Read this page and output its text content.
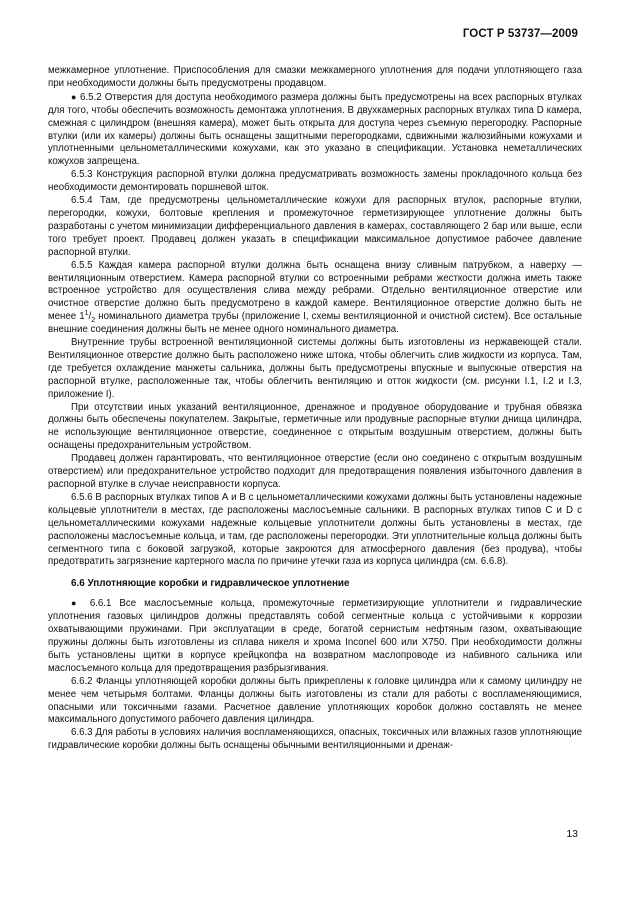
ГОСТ Р 53737—2009

межкамерное уплотнение. Приспособления для смазки межкамерного уплотнения для подачи уплотняющего газа при необходимости должны быть предусмотрены продавцом.

● 6.5.2 Отверстия для доступа необходимого размера должны быть предусмотрены на всех распорных втулках для того, чтобы обеспечить возможность демонтажа уплотнения. В двухкамерных распорных втулках типа D камера, смежная с цилиндром (внешняя камера), может быть открыта для доступа через съемную перегородку. Распорные втулки (или их камеры) должны быть оснащены защитными перегородками, сдвижными жалюзийными кожухами и уплотненными цельнометаллическими кожухами, как это указано в спецификации. Установка неметаллических кожухов запрещена.

6.5.3 Конструкция распорной втулки должна предусматривать возможность замены прокладочного кольца без необходимости демонтировать поршневой шток.

6.5.4 Там, где предусмотрены цельнометаллические кожухи для распорных втулок, распорные втулки, перегородки, кожухи, болтовые крепления и промежуточное герметизирующее уплотнение должны быть разработаны с учетом минимизации дифференциального давления в камерах, составляющего 2 бар или выше, если того требует проект. Продавец должен указать в спецификации максимальное допустимое рабочее давление распорной втулки.

6.5.5 Каждая камера распорной втулки должна быть оснащена внизу сливным патрубком, а наверху — вентиляционным отверстием. Камера распорной втулки со встроенными ребрами жесткости должна иметь также встроенное устройство для осуществления слива между ребрами. Отдельно вентиляционное отверстие или очистное отверстие должно быть предусмотрено в каждой камере. Вентиляционное отверстие должно быть не менее $1^1/_2$ номинального диаметра трубы (приложение I, схемы вентиляционной и очистной систем). Все остальные внешние соединения должны быть не менее одного номинального диаметра.

Внутренние трубы встроенной вентиляционной системы должны быть изготовлены из нержавеющей стали. Вентиляционное отверстие должно быть расположено ниже штока, чтобы облегчить слив жидкости из корпуса. Там, где требуется охлаждение манжеты сальника, должны быть предусмотрены впускные и выпускные отверстия на распорной втулке, расположенные так, чтобы облегчить вентиляцию и отток жидкости (см. рисунки I.1, I.2 и I.3, приложение I).

При отсутствии иных указаний вентиляционное, дренажное и продувное оборудование и трубная обвязка должны быть обеспечены покупателем. Закрытые, герметичные или продувные распорные втулки днища цилиндра, не использующие вентиляционное отверстие, соединенное с открытым воздушным отверстием, должны быть оснащены предохранительным устройством.

Продавец должен гарантировать, что вентиляционное отверстие (если оно соединено с открытым воздушным отверстием) или предохранительное устройство подходит для предотвращения появления избыточного давления в распорной втулке в случае неисправности корпуса.

6.5.6 В распорных втулках типов А и В с цельнометаллическими кожухами должны быть установлены надежные кольцевые уплотнители в местах, где расположены маслосъемные сальники. В распорных втулках типов С и D с цельнометаллическими кожухами надежные кольцевые уплотнители должны быть установлены в местах, где расположены маслосъемные кольца, и там, где расположены перегородки. Эти уплотнительные кольца должны быть сегментного типа с боковой загрузкой, которые закроются для атмосферного давления (без продува), чтобы предотвратить загрязнение картерного масла по причине утечки газа из корпуса цилиндра (см. 6.6.8).

6.6 Уплотняющие коробки и гидравлическое уплотнение

● 6.6.1 Все маслосъемные кольца, промежуточные герметизирующие уплотнители и гидравлические уплотнения газовых цилиндров должны представлять собой сегментные кольца с устойчивыми к коррозии охватывающими пружинами. При эксплуатации в среде, богатой сернистым нефтяным газом, охватывающие пружины должны быть изготовлены из сплава никеля и хрома Inconel 600 или X750. При необходимости должны быть установлены щитки в корпусе крейцкопфа на возвратном маслопроводе из набивного сальника или маслосъемного кольца для предотвращения разбрызгивания.

6.6.2 Фланцы уплотняющей коробки должны быть прикреплены к головке цилиндра или к самому цилиндру не менее чем четырьмя болтами. Фланцы должны быть изготовлены из стали для работы с воспламеняющимися, опасными или токсичными газами. Расчетное давление уплотняющих коробок должно составлять не менее максимального допустимого рабочего давления цилиндра.

6.6.3 Для работы в условиях наличия воспламеняющихся, опасных, токсичных или влажных газов уплотняющие гидравлические коробки должны быть оснащены обычными вентиляционными и дренаж-

13
